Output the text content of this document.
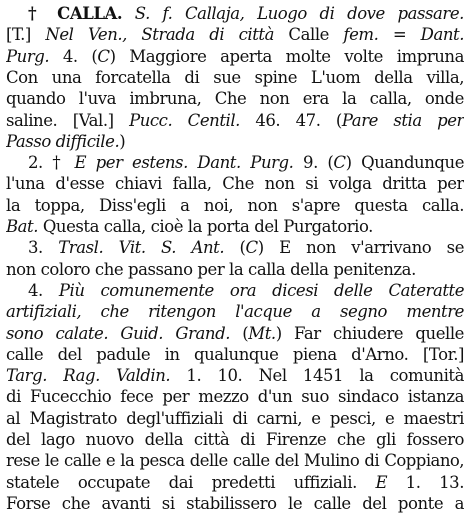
† CALLA. S. f. Callaja, Luogo di dove passare.
[T.] Nel Ven., Strada di città Calle fem. = Dant.
Purg. 4. (C) Maggiore aperta molte volte impruna
Con una forcatella di sue spine L'uom della villa,
quando l'uva imbruna, Che non era la calla, onde
saline. [Val.] Pucc. Centil. 46. 47. (Pare stia per
Passo difficile.)
2. † E per estens. Dant. Purg. 9. (C) Quandunque
l'una d'esse chiavi falla, Che non si volga dritta per
la toppa, Diss'egli a noi, non s'apre questa calla.
Bat. Questa calla, cioè la porta del Purgatorio.
3. Trasl. Vit. S. Ant. (C) E non v'arrivano se
non coloro che passano per la calla della penitenza.
4. Più comunemente ora dicesi delle Cateratte
artifiziali, che ritengon l'acque a segno mentre
sono calate. Guid. Grand. (Mt.) Far chiudere quelle
calle del padule in qualunque piena d'Arno. [Tor.]
Targ. Rag. Valdin. 1. 10. Nel 1451 la comunità
di Fucecchio fece per mezzo d'un suo sindaco istanza
al Magistrato degl'uffiziali di carni, e pesci, e maestri
del lago nuovo della città di Firenze che gli fossero
rese le calle e la pesca delle calle del Mulino di Coppiano,
statele occupate dai predetti uffiziali. E 1. 13.
Forse che avanti si stabilissero le calle del ponte a
